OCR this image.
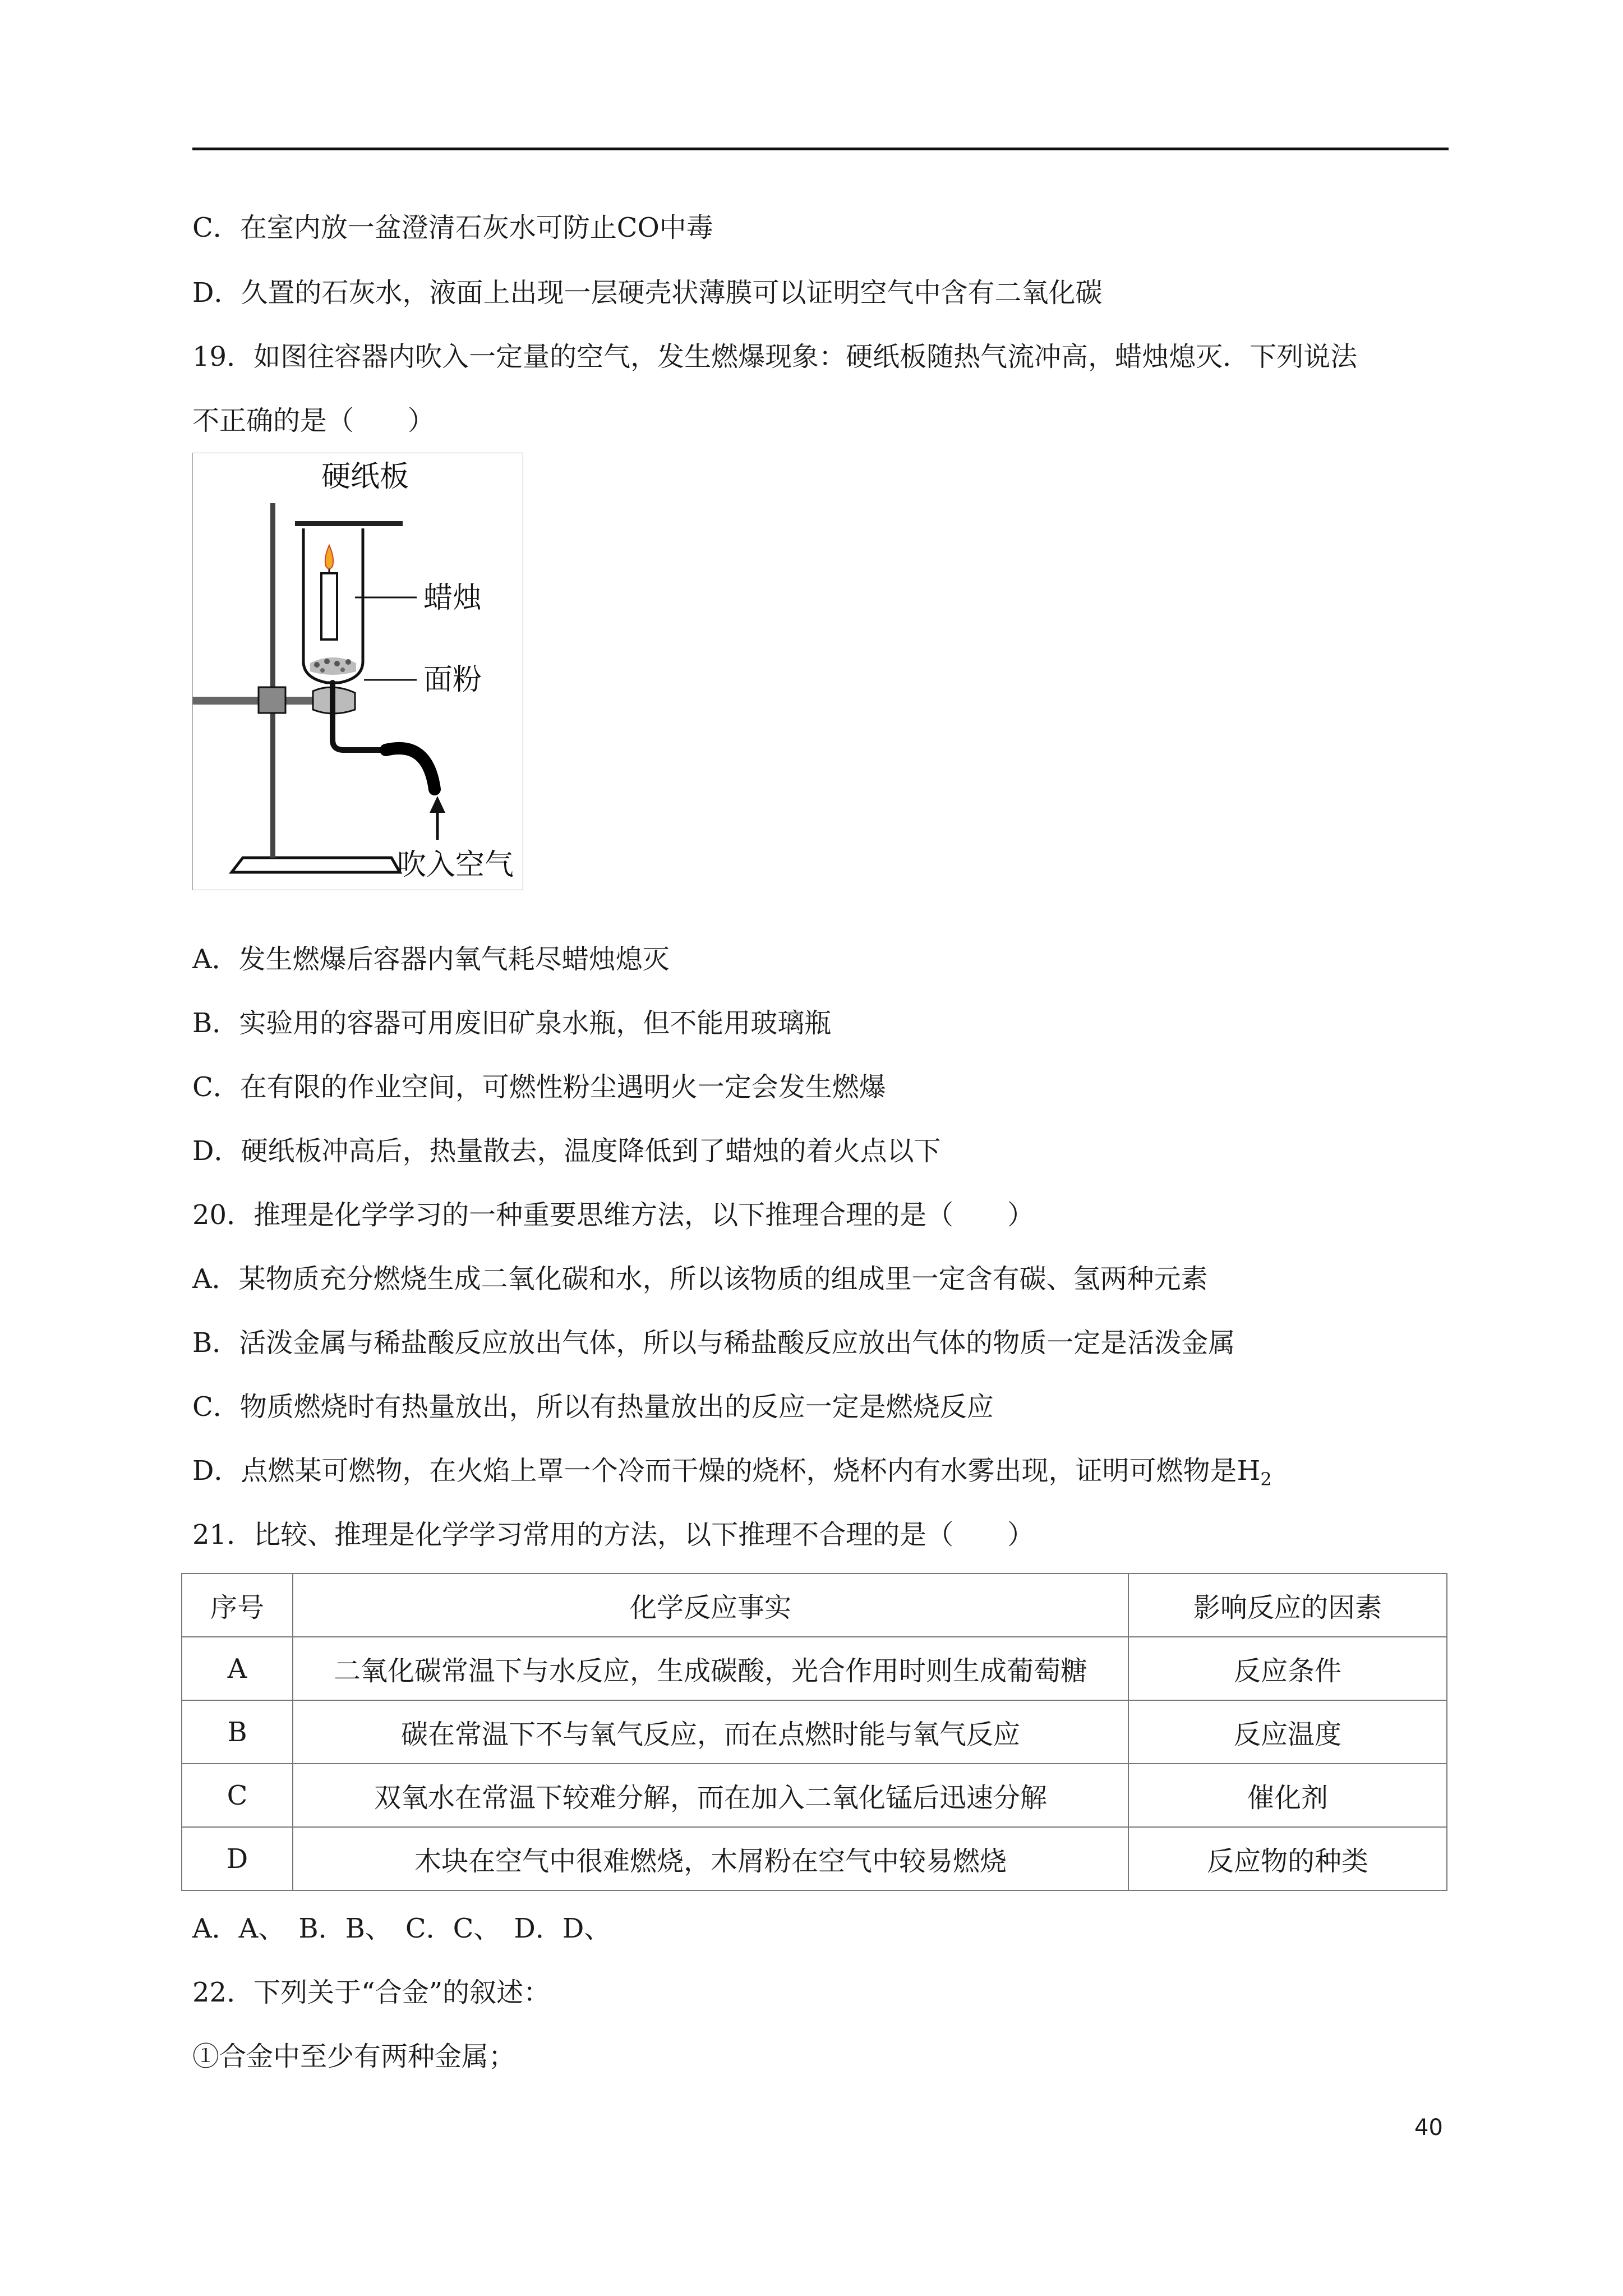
C．在室内放一盆澄清石灰水可防止CO中毒
D．久置的石灰水，液面上出现一层硬壳状薄膜可以证明空气中含有二氧化碳
19．如图往容器内吹入一定量的空气，发生燃爆现象：硬纸板随热气流冲高，蜡烛熄灭．下列说法
不正确的是（　　）
硬纸板
蜡烛
面粉
吹入空气
A．发生燃爆后容器内氧气耗尽蜡烛熄灭
B．实验用的容器可用废旧矿泉水瓶，但不能用玻璃瓶
C．在有限的作业空间，可燃性粉尘遇明火一定会发生燃爆
D．硬纸板冲高后，热量散去，温度降低到了蜡烛的着火点以下
20．推理是化学学习的一种重要思维方法，以下推理合理的是（　　）
A．某物质充分燃烧生成二氧化碳和水，所以该物质的组成里一定含有碳、氢两种元素
B．活泼金属与稀盐酸反应放出气体，所以与稀盐酸反应放出气体的物质一定是活泼金属
C．物质燃烧时有热量放出，所以有热量放出的反应一定是燃烧反应
D．点燃某可燃物，在火焰上罩一个冷而干燥的烧杯，烧杯内有水雾出现，证明可燃物是$H_2$
21．比较、推理是化学学习常用的方法，以下推理不合理的是（　　）
序号	化学反应事实	影响反应的因素
A	二氧化碳常温下与水反应，生成碳酸，光合作用时则生成葡萄糖	反应条件
B	碳在常温下不与氧气反应，而在点燃时能与氧气反应	反应温度
C	双氧水在常温下较难分解，而在加入二氧化锰后迅速分解	催化剂
D	木块在空气中很难燃烧，木屑粉在空气中较易燃烧	反应物的种类
A．A、　B．B、　C．C、　D．D、
22．下列关于“合金”的叙述：
①合金中至少有两种金属；
40
